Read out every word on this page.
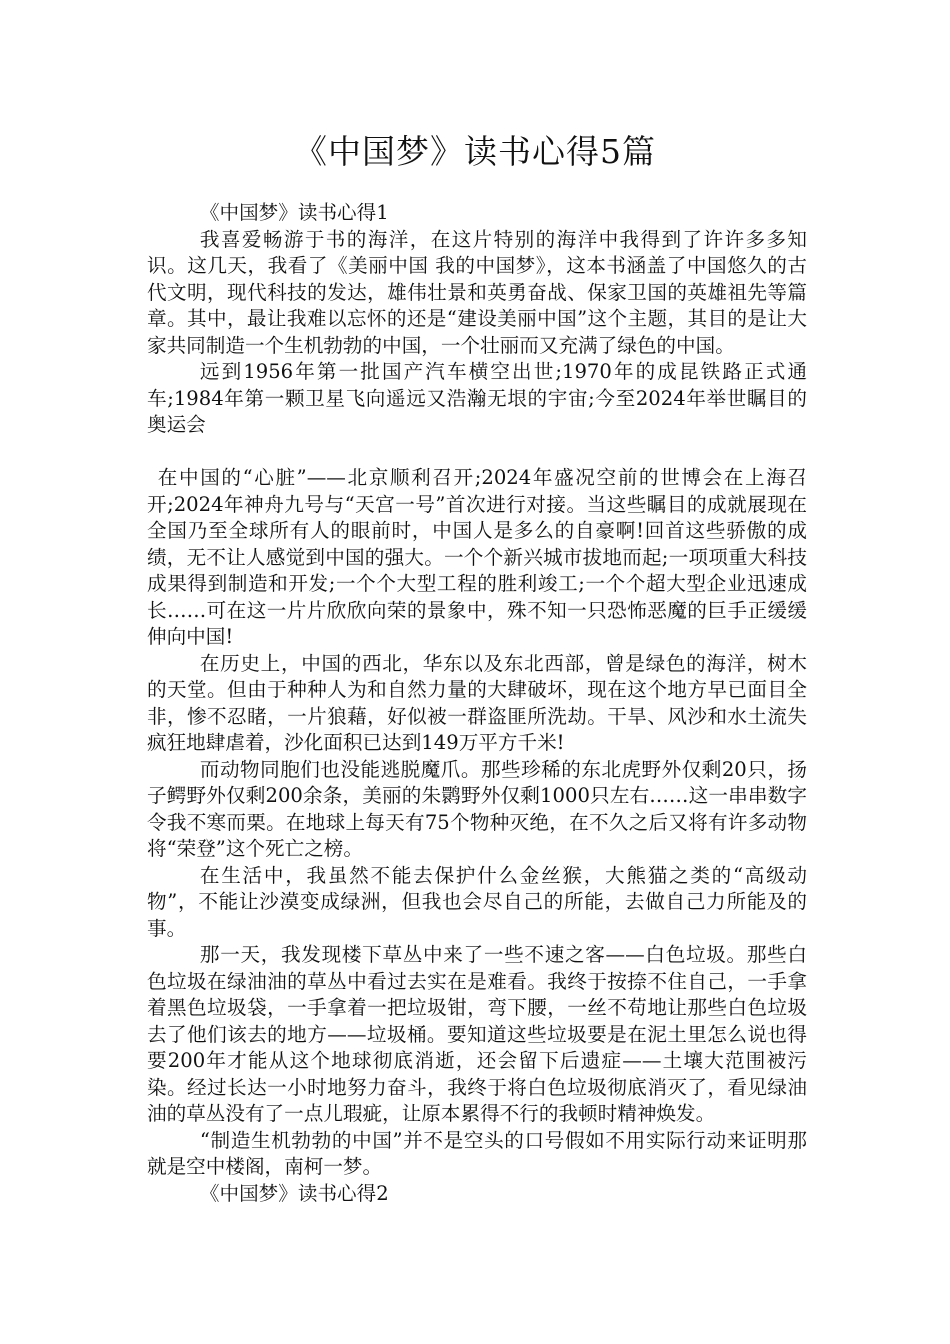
《中国梦》读书心得5篇

《中国梦》读书心得1

我喜爱畅游于书的海洋，在这片特别的海洋中我得到了许许多多知识。这几天，我看了《美丽中国 我的中国梦》，这本书涵盖了中国悠久的古代文明，现代科技的发达，雄伟壮景和英勇奋战、保家卫国的英雄祖先等篇章。其中，最让我难以忘怀的还是“建设美丽中国”这个主题，其目的是让大家共同制造一个生机勃勃的中国，一个壮丽而又充满了绿色的中国。

远到1956年第一批国产汽车横空出世;1970年的成昆铁路正式通车;1984年第一颗卫星飞向遥远又浩瀚无垠的宇宙;今至2024年举世瞩目的奥运会

在中国的“心脏”——北京顺利召开;2024年盛况空前的世博会在上海召开;2024年神舟九号与“天宫一号”首次进行对接。当这些瞩目的成就展现在全国乃至全球所有人的眼前时，中国人是多么的自豪啊!回首这些骄傲的成绩，无不让人感觉到中国的强大。一个个新兴城市拔地而起;一项项重大科技成果得到制造和开发;一个个大型工程的胜利竣工;一个个超大型企业迅速成长……可在这一片片欣欣向荣的景象中，殊不知一只恐怖恶魔的巨手正缓缓伸向中国!

在历史上，中国的西北，华东以及东北西部，曾是绿色的海洋，树木的天堂。但由于种种人为和自然力量的大肆破坏，现在这个地方早已面目全非，惨不忍睹，一片狼藉，好似被一群盗匪所洗劫。干旱、风沙和水土流失疯狂地肆虐着，沙化面积已达到149万平方千米!

而动物同胞们也没能逃脱魔爪。那些珍稀的东北虎野外仅剩20只，扬子鳄野外仅剩200余条，美丽的朱鹮野外仅剩1000只左右……这一串串数字令我不寒而栗。在地球上每天有75个物种灭绝，在不久之后又将有许多动物将“荣登”这个死亡之榜。

在生活中，我虽然不能去保护什么金丝猴，大熊猫之类的“高级动物”，不能让沙漠变成绿洲，但我也会尽自己的所能，去做自己力所能及的事。

那一天，我发现楼下草丛中来了一些不速之客——白色垃圾。那些白色垃圾在绿油油的草丛中看过去实在是难看。我终于按捺不住自己，一手拿着黑色垃圾袋，一手拿着一把垃圾钳，弯下腰，一丝不苟地让那些白色垃圾去了他们该去的地方——垃圾桶。要知道这些垃圾要是在泥土里怎么说也得要200年才能从这个地球彻底消逝，还会留下后遗症——土壤大范围被污染。经过长达一小时地努力奋斗，我终于将白色垃圾彻底消灭了，看见绿油油的草丛没有了一点儿瑕疵，让原本累得不行的我顿时精神焕发。

“制造生机勃勃的中国”并不是空头的口号假如不用实际行动来证明那就是空中楼阁，南柯一梦。

《中国梦》读书心得2
